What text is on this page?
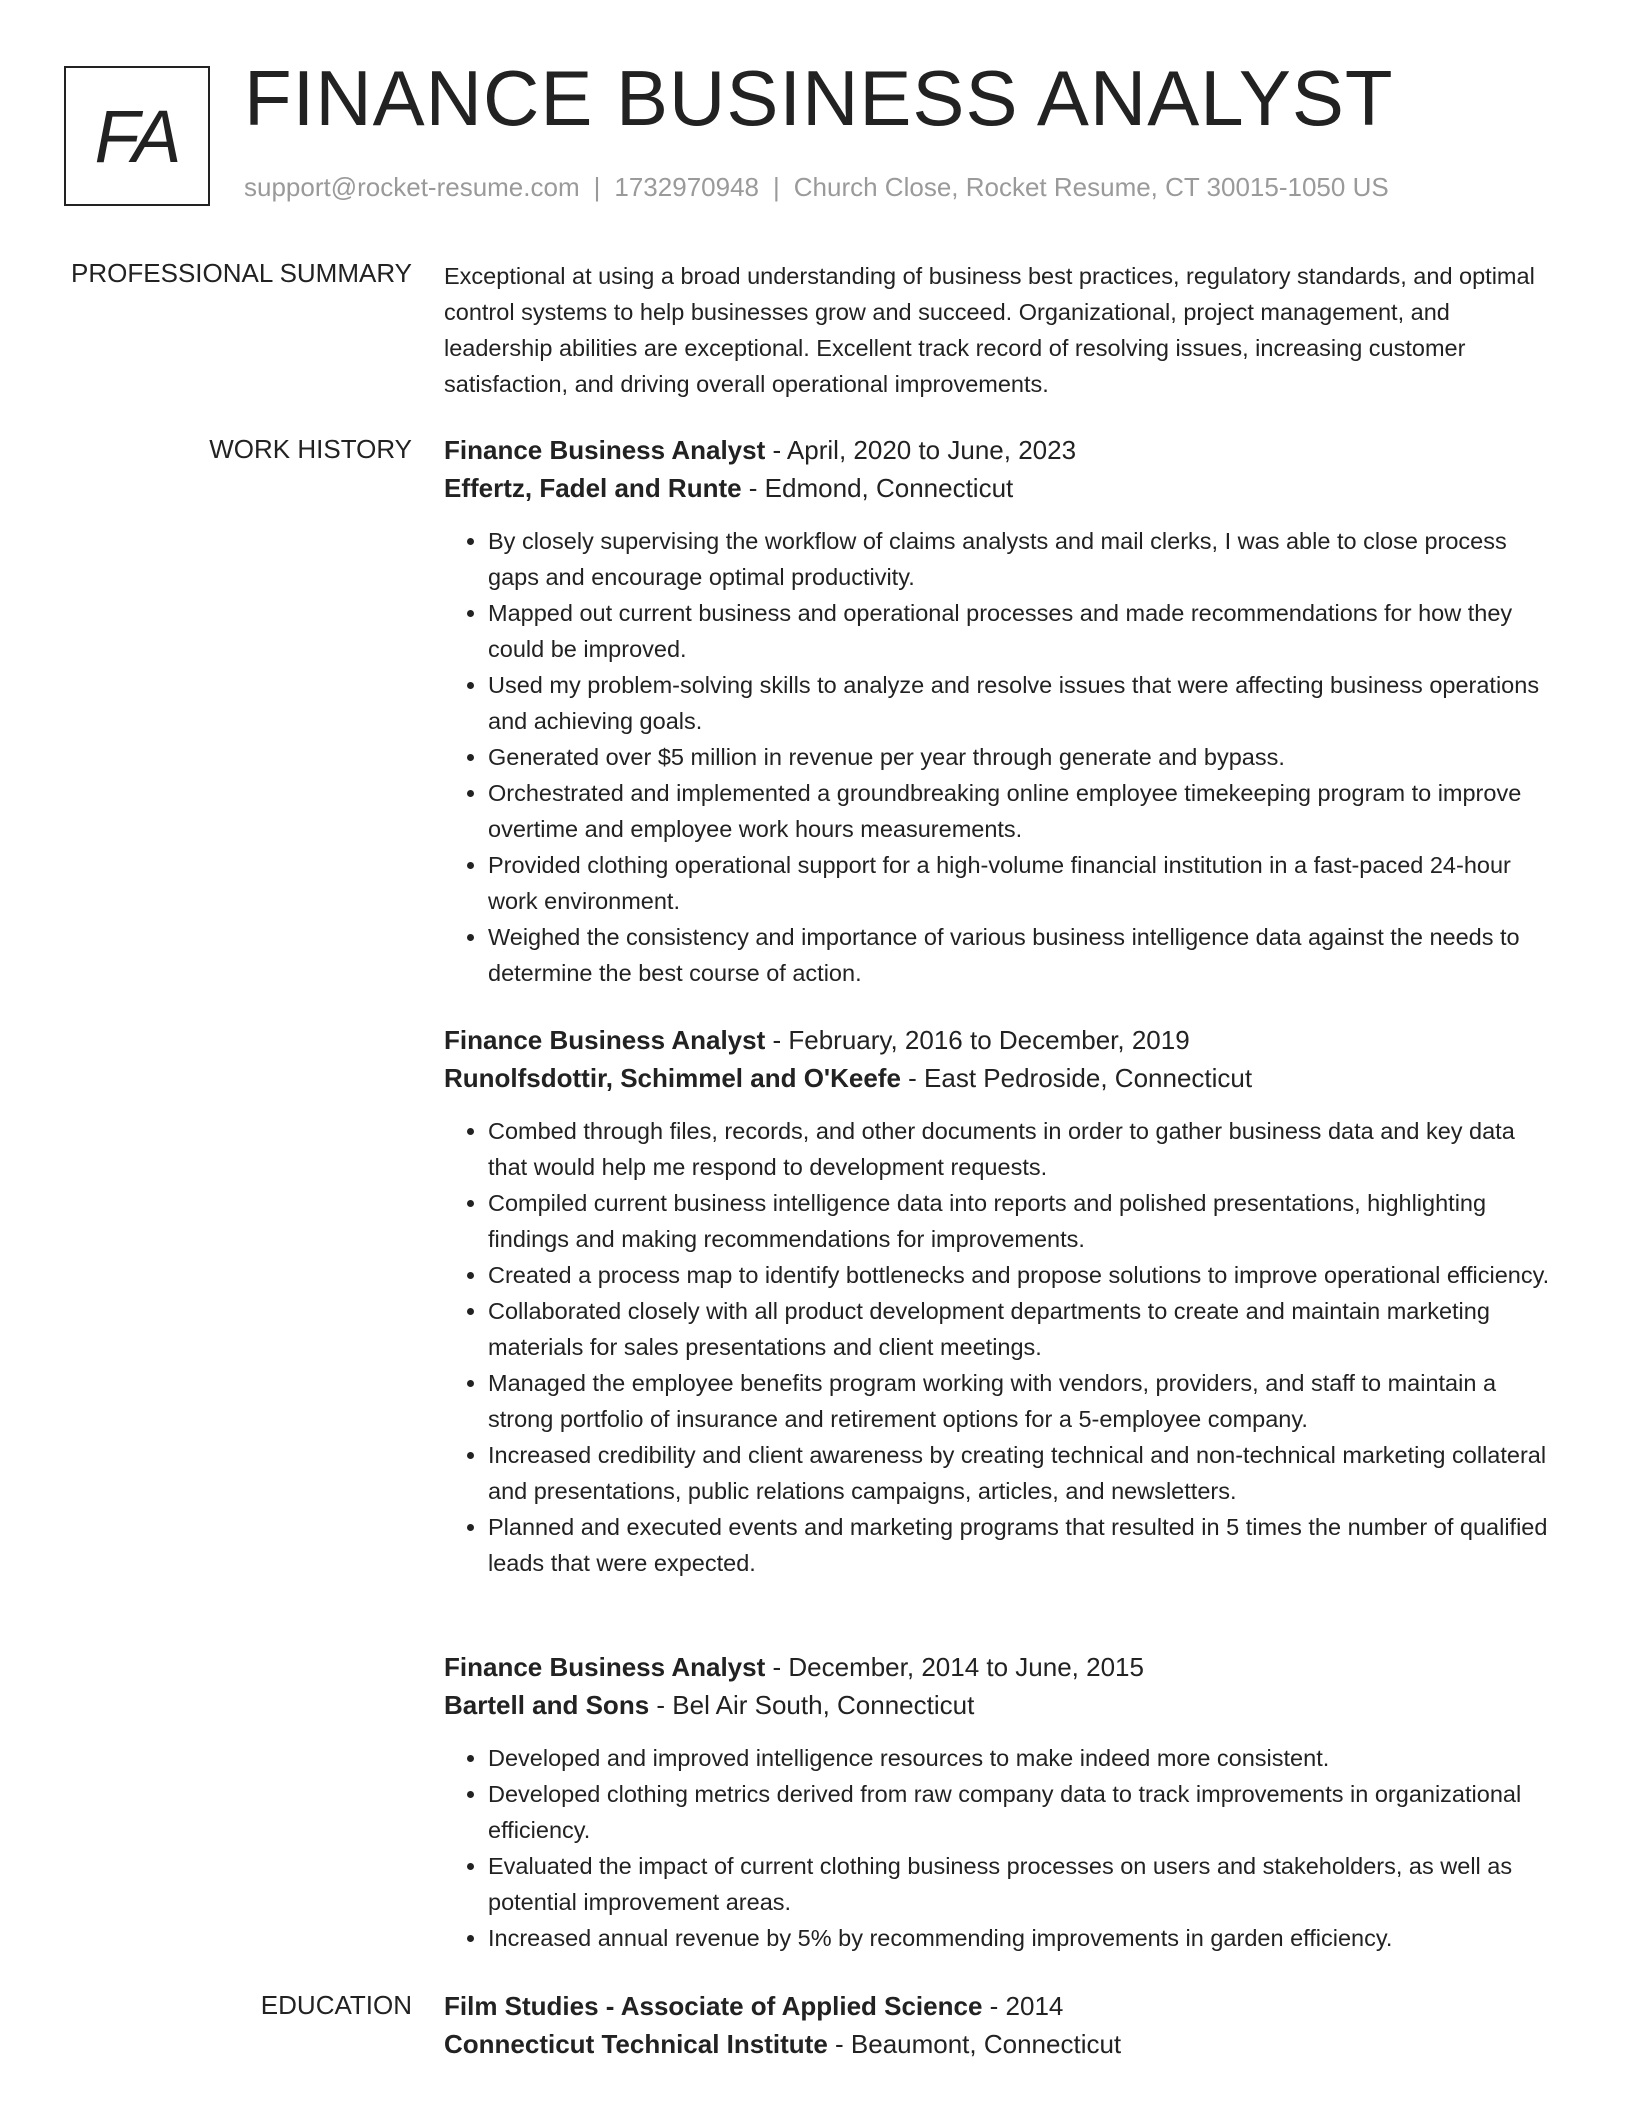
FA FINANCE BUSINESS ANALYST
support@rocket-resume.com | 1732970948 | Church Close, Rocket Resume, CT 30015-1050 US
PROFESSIONAL SUMMARY Exceptional at using a broad understanding of business best practices, regulatory standards, and optimal control systems to help businesses grow and succeed. Organizational, project management, and leadership abilities are exceptional. Excellent track record of resolving issues, increasing customer satisfaction, and driving overall operational improvements.

WORK HISTORY Finance Business Analyst - April, 2020 to June, 2023
Effertz, Fadel and Runte - Edmond, Connecticut
• By closely supervising the workflow of claims analysts and mail clerks, I was able to close process gaps and encourage optimal productivity.
• Mapped out current business and operational processes and made recommendations for how they could be improved.
• Used my problem-solving skills to analyze and resolve issues that were affecting business operations and achieving goals.
• Generated over $5 million in revenue per year through generate and bypass.
• Orchestrated and implemented a groundbreaking online employee timekeeping program to improve overtime and employee work hours measurements.
• Provided clothing operational support for a high-volume financial institution in a fast-paced 24-hour work environment.
• Weighed the consistency and importance of various business intelligence data against the needs to determine the best course of action.
Finance Business Analyst - February, 2016 to December, 2019
Runolfsdottir, Schimmel and O'Keefe - East Pedroside, Connecticut
• Combed through files, records, and other documents in order to gather business data and key data that would help me respond to development requests.
• Compiled current business intelligence data into reports and polished presentations, highlighting findings and making recommendations for improvements.
• Created a process map to identify bottlenecks and propose solutions to improve operational efficiency.
• Collaborated closely with all product development departments to create and maintain marketing materials for sales presentations and client meetings.
• Managed the employee benefits program working with vendors, providers, and staff to maintain a strong portfolio of insurance and retirement options for a 5-employee company.
• Increased credibility and client awareness by creating technical and non-technical marketing collateral and presentations, public relations campaigns, articles, and newsletters.
• Planned and executed events and marketing programs that resulted in 5 times the number of qualified leads that were expected.
Finance Business Analyst - December, 2014 to June, 2015
Bartell and Sons - Bel Air South, Connecticut
• Developed and improved intelligence resources to make indeed more consistent.
• Developed clothing metrics derived from raw company data to track improvements in organizational efficiency.
• Evaluated the impact of current clothing business processes on users and stakeholders, as well as potential improvement areas.
• Increased annual revenue by 5% by recommending improvements in garden efficiency.
EDUCATION Film Studies - Associate of Applied Science - 2014
Connecticut Technical Institute - Beaumont, Connecticut
